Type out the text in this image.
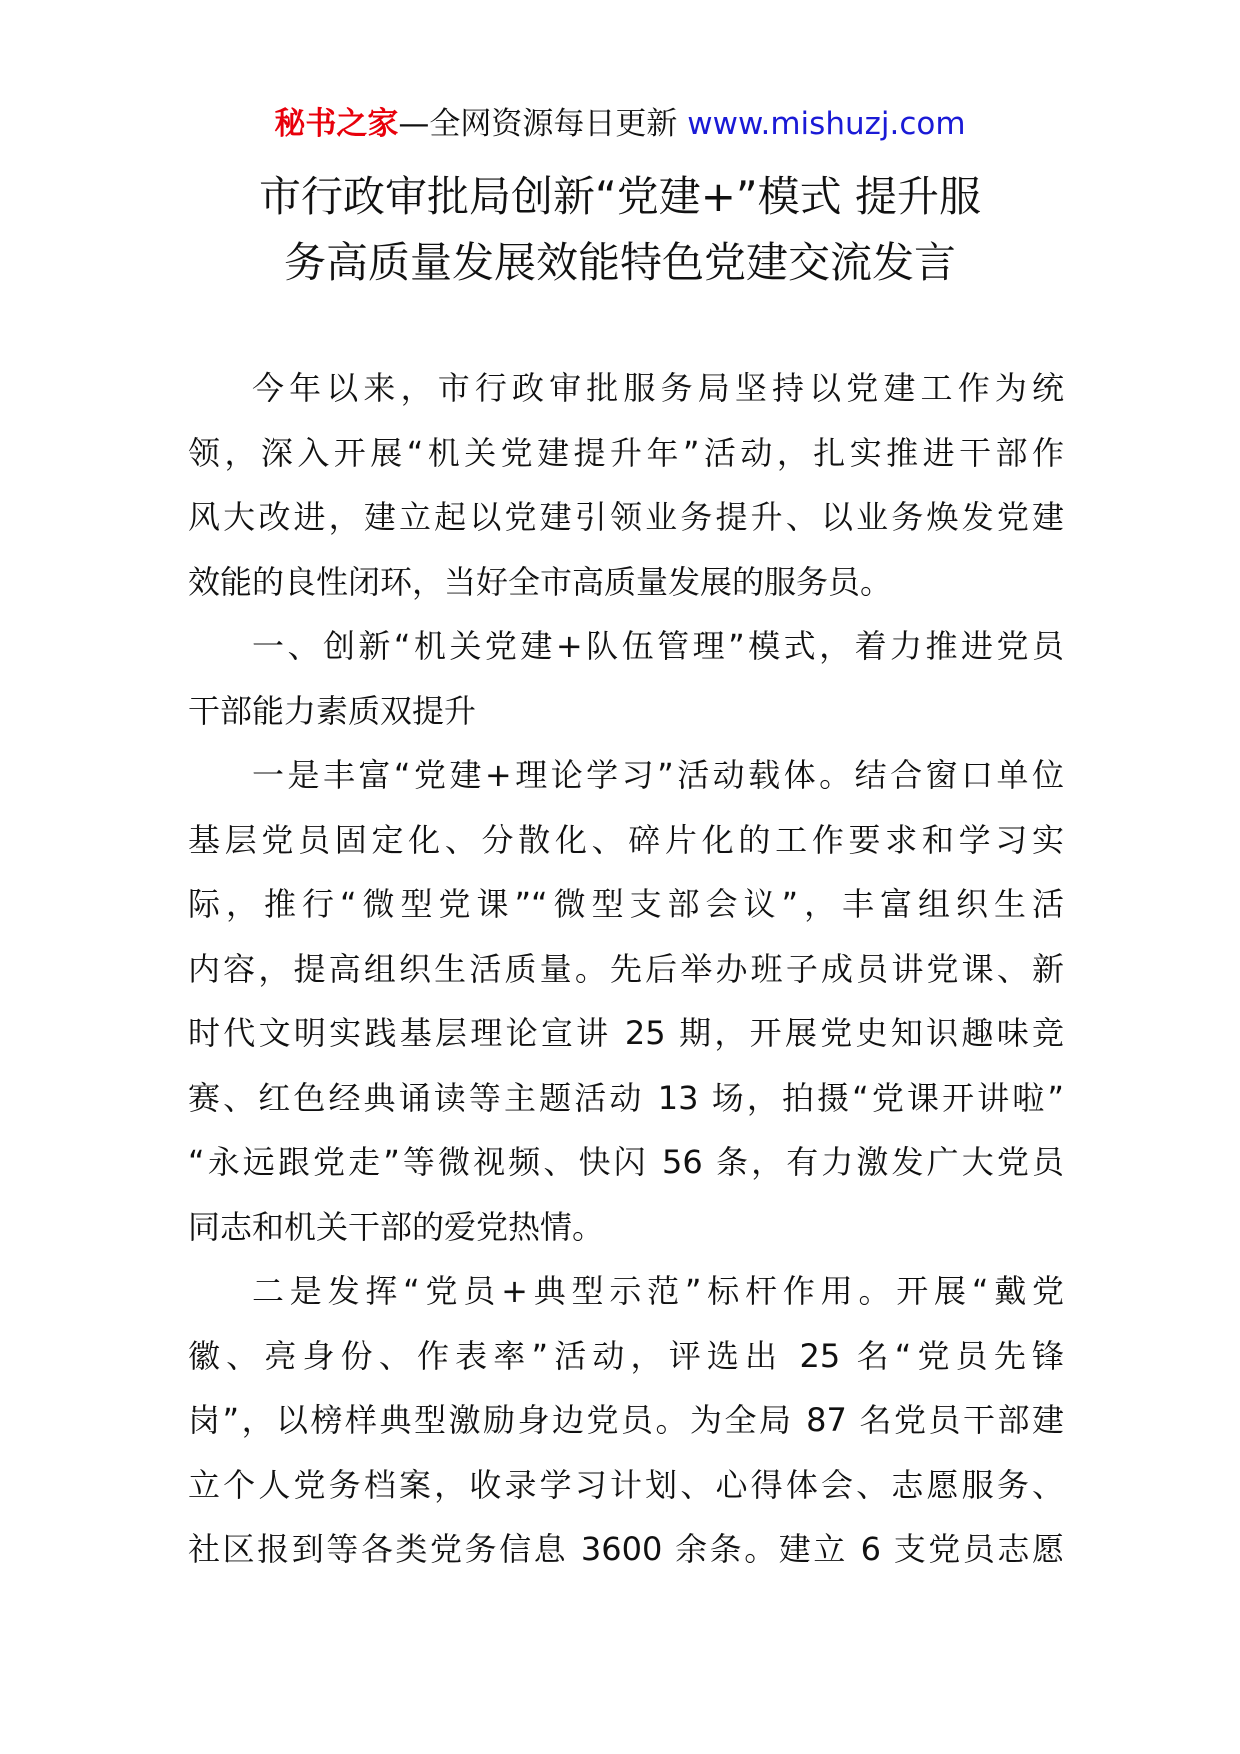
秘书之家—全网资源每日更新 www.mishuzj.com
市行政审批局创新“党建+”模式 提升服
务高质量发展效能特色党建交流发言
今年以来，市行政审批服务局坚持以党建工作为统
领，深入开展“机关党建提升年”活动，扎实推进干部作
风大改进，建立起以党建引领业务提升、以业务焕发党建
效能的良性闭环，当好全市高质量发展的服务员。
一、创新“机关党建+队伍管理”模式，着力推进党员
干部能力素质双提升
一是丰富“党建+理论学习”活动载体。结合窗口单位
基层党员固定化、分散化、碎片化的工作要求和学习实
际，推行“微型党课”“微型支部会议”，丰富组织生活
内容，提高组织生活质量。先后举办班子成员讲党课、新
时代文明实践基层理论宣讲 25 期，开展党史知识趣味竞
赛、红色经典诵读等主题活动 13 场，拍摄“党课开讲啦”
“永远跟党走”等微视频、快闪 56 条，有力激发广大党员
同志和机关干部的爱党热情。
二是发挥“党员+典型示范”标杆作用。开展“戴党
徽、亮身份、作表率”活动，评选出 25 名“党员先锋
岗”，以榜样典型激励身边党员。为全局 87 名党员干部建
立个人党务档案，收录学习计划、心得体会、志愿服务、
社区报到等各类党务信息 3600 余条。建立 6 支党员志愿
